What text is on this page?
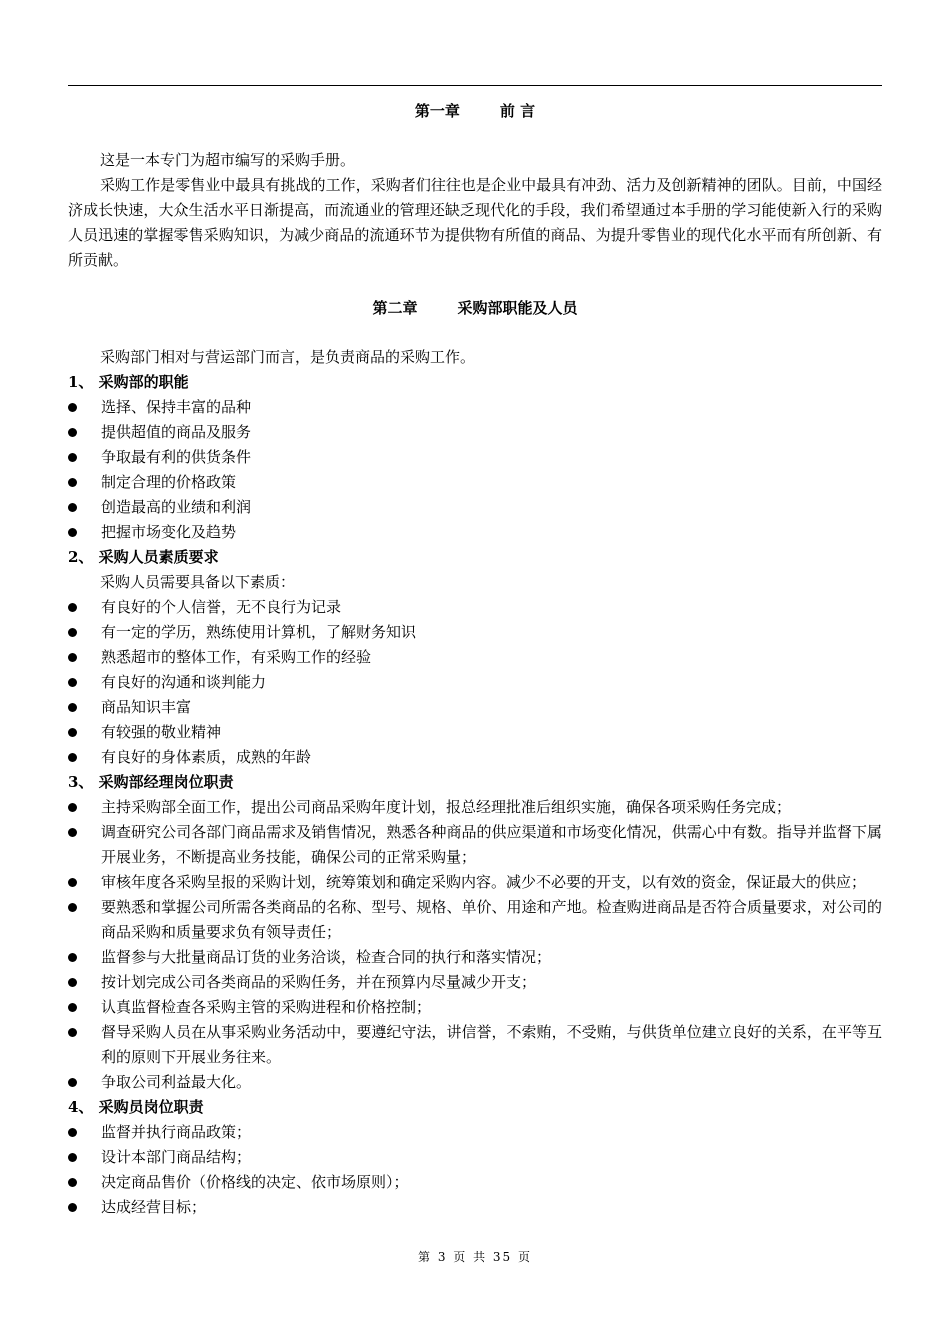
第一章	前 言

这是一本专门为超市编写的采购手册。

采购工作是零售业中最具有挑战的工作，采购者们往往也是企业中最具有冲劲、活力及创新精神的团队。目前，中国经济成长快速，大众生活水平日渐提高，而流通业的管理还缺乏现代化的手段，我们希望通过本手册的学习能使新入行的采购人员迅速的掌握零售采购知识，为减少商品的流通环节为提供物有所值的商品、为提升零售业的现代化水平而有所创新、有所贡献。

第二章	采购部职能及人员

采购部门相对与营运部门而言，是负责商品的采购工作。

1、 采购部的职能

选择、保持丰富的品种
提供超值的商品及服务
争取最有利的供货条件
制定合理的价格政策
创造最高的业绩和利润
把握市场变化及趋势

2、 采购人员素质要求

采购人员需要具备以下素质：

有良好的个人信誉，无不良行为记录
有一定的学历，熟练使用计算机，了解财务知识
熟悉超市的整体工作，有采购工作的经验
有良好的沟通和谈判能力
商品知识丰富
有较强的敬业精神
有良好的身体素质，成熟的年龄

3、 采购部经理岗位职责

主持采购部全面工作，提出公司商品采购年度计划，报总经理批准后组织实施，确保各项采购任务完成；
调查研究公司各部门商品需求及销售情况，熟悉各种商品的供应渠道和市场变化情况，供需心中有数。指导并监督下属开展业务，不断提高业务技能，确保公司的正常采购量；
审核年度各采购呈报的采购计划，统筹策划和确定采购内容。减少不必要的开支，以有效的资金，保证最大的供应；
要熟悉和掌握公司所需各类商品的名称、型号、规格、单价、用途和产地。检查购进商品是否符合质量要求，对公司的商品采购和质量要求负有领导责任；
监督参与大批量商品订货的业务洽谈，检查合同的执行和落实情况；
按计划完成公司各类商品的采购任务，并在预算内尽量减少开支；
认真监督检查各采购主管的采购进程和价格控制；
督导采购人员在从事采购业务活动中，要遵纪守法，讲信誉，不索贿，不受贿，与供货单位建立良好的关系，在平等互利的原则下开展业务往来。
争取公司利益最大化。

4、 采购员岗位职责

监督并执行商品政策；
设计本部门商品结构；
决定商品售价（价格线的决定、依市场原则）；
达成经营目标；
第 3 页 共 35 页
